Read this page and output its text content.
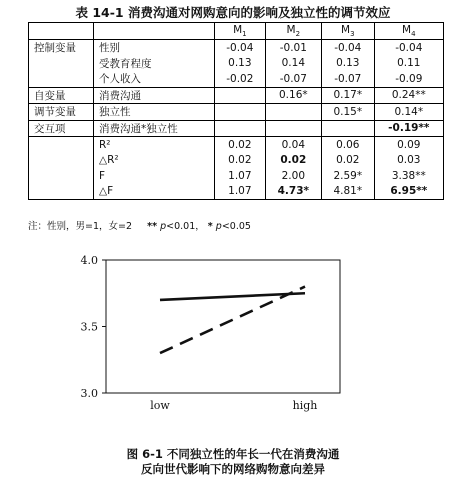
表 14-1 消费沟通对网购意向的影响及独立性的调节效应
		$M_1$	$M_2$	$M_3$	$M_4$
控制变量	性别	-0.04	-0.01	-0.04	-0.04
	受教育程度	0.13	0.14	0.13	0.11
	个人收入	-0.02	-0.07	-0.07	-0.09
自变量	消费沟通		0.16*	0.17*	0.24**
调节变量	独立性			0.15*	0.14*
交互项	消费沟通*独立性				-0.19**
	R²	0.02	0.04	0.06	0.09
	△R²	0.02	0.02	0.02	0.03
	F	1.07	2.00	2.59*	3.38**
	△F	1.07	4.73*	4.81*	6.95**
注：性别，男=1，女=2 ** p<0.01， * p<0.05
4.0
3.5
3.0
low	high
图 6-1 不同独立性的年长一代在消费沟通
反向世代影响下的网络购物意向差异
